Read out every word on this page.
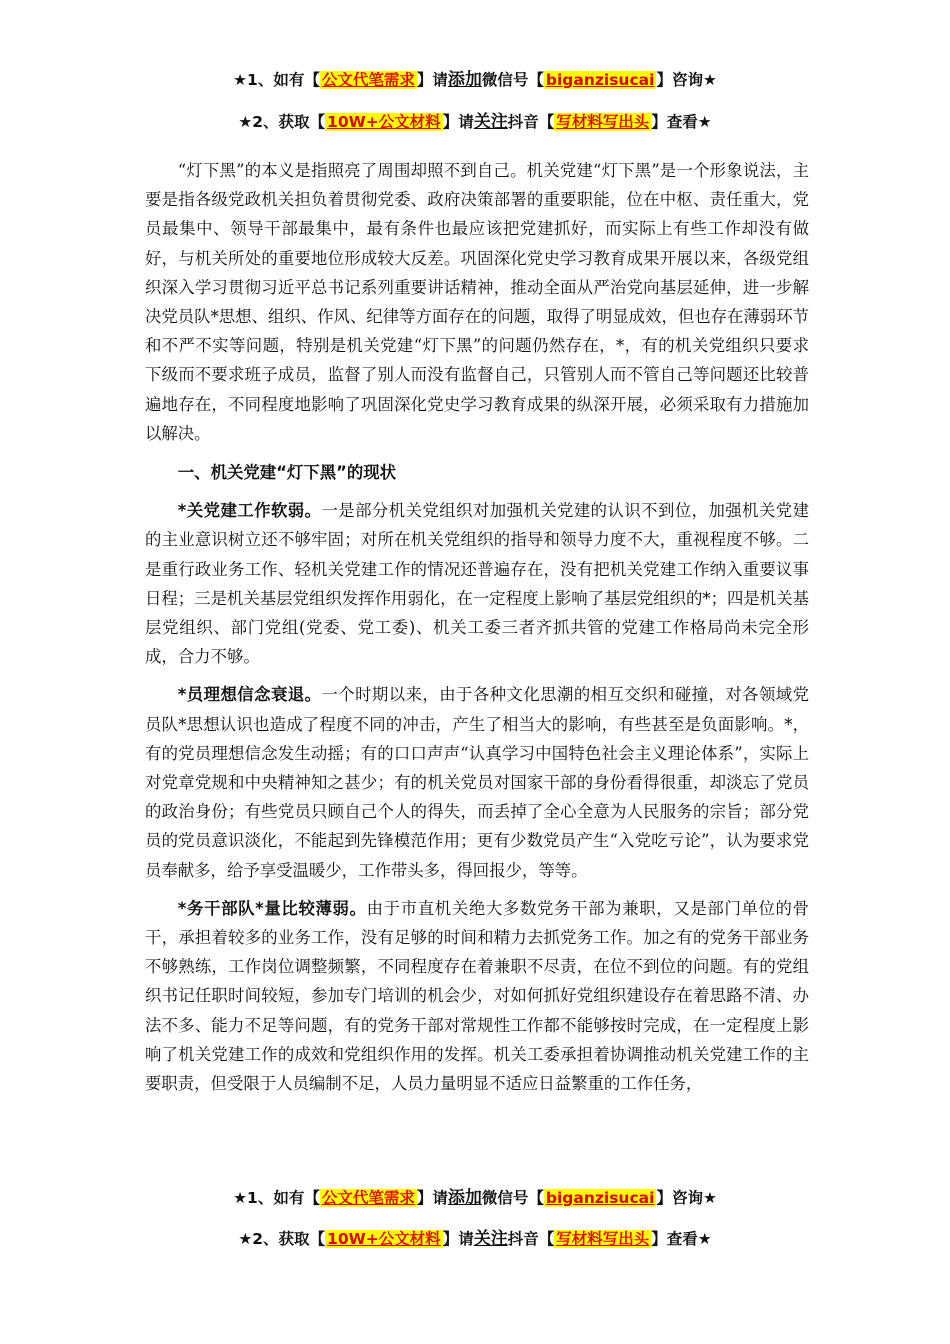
★1、如有【 公文代笔需求 】请添加微信号【 biganzisucai 】咨询★
★2、获取【 10W+公文材料 】请关注抖音【 写材料写出头 】查看★

“灯下黑”的本义是指照亮了周围却照不到自己。机关党建“灯下黑”是一个形象说法，主要是指各级党政机关担负着贯彻党委、政府决策部署的重要职能，位在中枢、责任重大，党员最集中、领导干部最集中，最有条件也最应该把党建抓好，而实际上有些工作却没有做好，与机关所处的重要地位形成较大反差。巩固深化党史学习教育成果开展以来，各级党组织深入学习贯彻习近平总书记系列重要讲话精神，推动全面从严治党向基层延伸，进一步解决党员队*思想、组织、作风、纪律等方面存在的问题，取得了明显成效，但也存在薄弱环节和不严不实等问题，特别是机关党建“灯下黑”的问题仍然存在，*，有的机关党组织只要求下级而不要求班子成员，监督了别人而没有监督自己，只管别人而不管自己等问题还比较普遍地存在，不同程度地影响了巩固深化党史学习教育成果的纵深开展，必须采取有力措施加以解决。

一、机关党建“灯下黑”的现状

*关党建工作软弱。一是部分机关党组织对加强机关党建的认识不到位，加强机关党建的主业意识树立还不够牢固；对所在机关党组织的指导和领导力度不大，重视程度不够。二是重行政业务工作、轻机关党建工作的情况还普遍存在，没有把机关党建工作纳入重要议事日程；三是机关基层党组织发挥作用弱化，在一定程度上影响了基层党组织的*；四是机关基层党组织、部门党组(党委、党工委)、机关工委三者齐抓共管的党建工作格局尚未完全形成，合力不够。

*员理想信念衰退。一个时期以来，由于各种文化思潮的相互交织和碰撞，对各领域党员队*思想认识也造成了程度不同的冲击，产生了相当大的影响，有些甚至是负面影响。*，有的党员理想信念发生动摇；有的口口声声“认真学习中国特色社会主义理论体系”，实际上对党章党规和中央精神知之甚少；有的机关党员对国家干部的身份看得很重，却淡忘了党员的政治身份；有些党员只顾自己个人的得失，而丢掉了全心全意为人民服务的宗旨；部分党员的党员意识淡化，不能起到先锋模范作用；更有少数党员产生“入党吃亏论”，认为要求党员奉献多，给予享受温暖少，工作带头多，得回报少，等等。

*务干部队*量比较薄弱。由于市直机关绝大多数党务干部为兼职，又是部门单位的骨干，承担着较多的业务工作，没有足够的时间和精力去抓党务工作。加之有的党务干部业务不够熟练，工作岗位调整频繁，不同程度存在着兼职不尽责，在位不到位的问题。有的党组织书记任职时间较短，参加专门培训的机会少，对如何抓好党组织建设存在着思路不清、办法不多、能力不足等问题，有的党务干部对常规性工作都不能够按时完成，在一定程度上影响了机关党建工作的成效和党组织作用的发挥。机关工委承担着协调推动机关党建工作的主要职责，但受限于人员编制不足，人员力量明显不适应日益繁重的工作任务，

★1、如有【 公文代笔需求 】请添加微信号【 biganzisucai 】咨询★
★2、获取【 10W+公文材料 】请关注抖音【 写材料写出头 】查看★
